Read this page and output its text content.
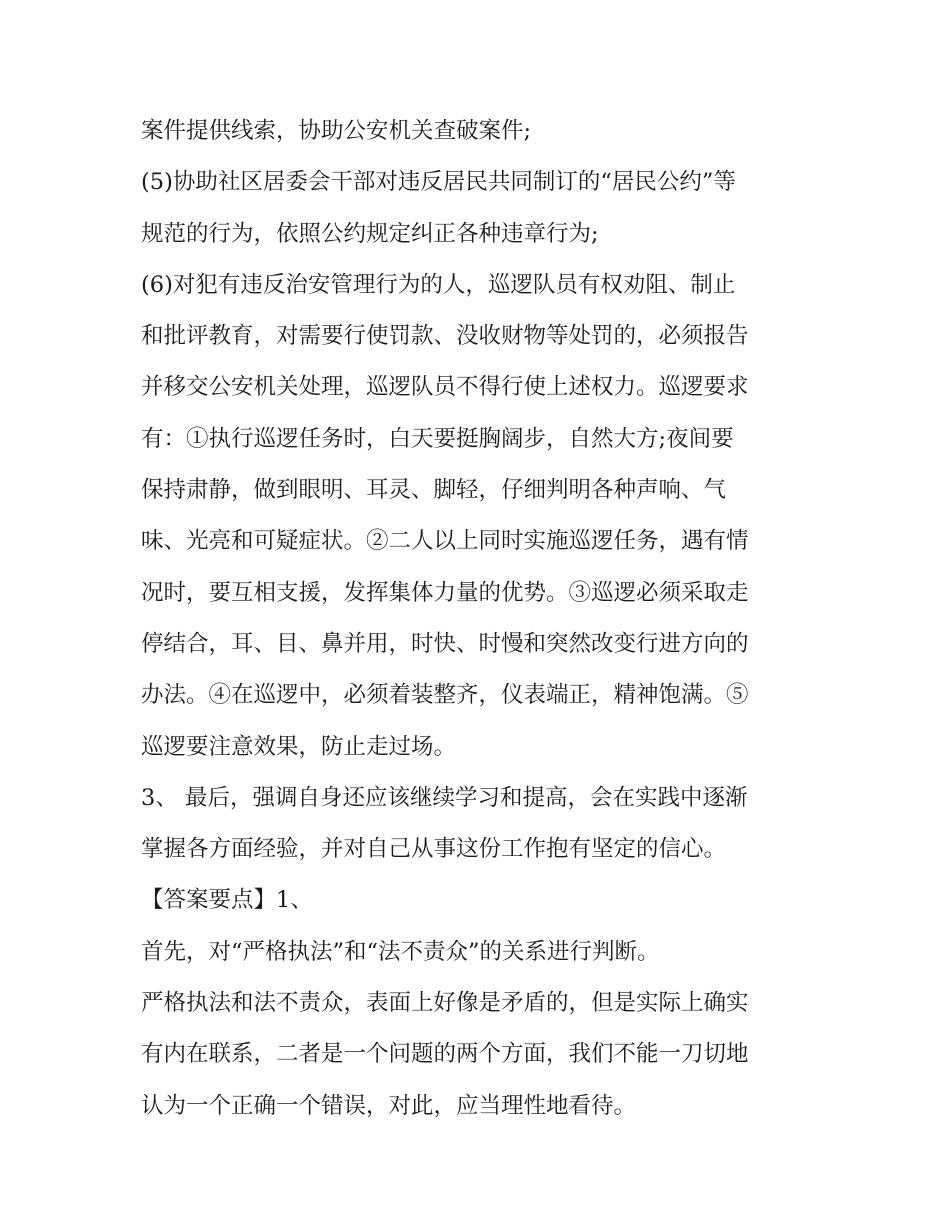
案件提供线索，协助公安机关查破案件;
(5)协助社区居委会干部对违反居民共同制订的“居民公约”等
规范的行为，依照公约规定纠正各种违章行为;
(6)对犯有违反治安管理行为的人，巡逻队员有权劝阻、制止
和批评教育，对需要行使罚款、没收财物等处罚的，必须报告
并移交公安机关处理，巡逻队员不得行使上述权力。巡逻要求
有：①执行巡逻任务时，白天要挺胸阔步，自然大方;夜间要
保持肃静，做到眼明、耳灵、脚轻，仔细判明各种声响、气
味、光亮和可疑症状。②二人以上同时实施巡逻任务，遇有情
况时，要互相支援，发挥集体力量的优势。③巡逻必须采取走
停结合，耳、目、鼻并用，时快、时慢和突然改变行进方向的
办法。④在巡逻中，必须着装整齐，仪表端正，精神饱满。⑤
巡逻要注意效果，防止走过场。
3、 最后，强调自身还应该继续学习和提高，会在实践中逐渐
掌握各方面经验，并对自己从事这份工作抱有坚定的信心。
【答案要点】1、
首先，对“严格执法”和“法不责众”的关系进行判断。
严格执法和法不责众，表面上好像是矛盾的，但是实际上确实
有内在联系，二者是一个问题的两个方面，我们不能一刀切地
认为一个正确一个错误，对此，应当理性地看待。
